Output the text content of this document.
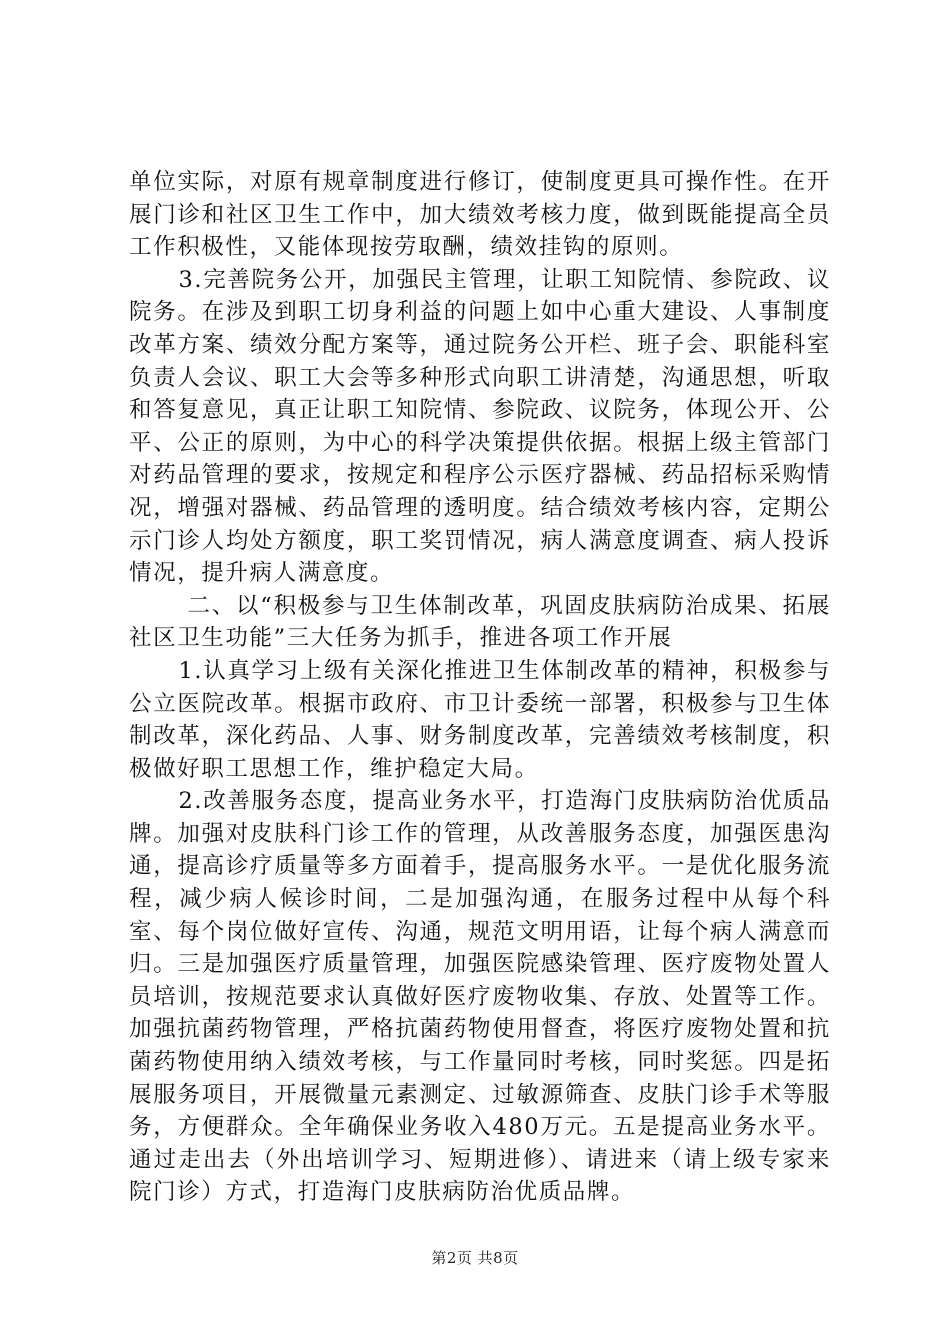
单位实际，对原有规章制度进行修订，使制度更具可操作性。在开展门诊和社区卫生工作中，加大绩效考核力度，做到既能提高全员工作积极性，又能体现按劳取酬，绩效挂钩的原则。

3.完善院务公开，加强民主管理，让职工知院情、参院政、议院务。在涉及到职工切身利益的问题上如中心重大建设、人事制度改革方案、绩效分配方案等，通过院务公开栏、班子会、职能科室负责人会议、职工大会等多种形式向职工讲清楚，沟通思想，听取和答复意见，真正让职工知院情、参院政、议院务，体现公开、公平、公正的原则，为中心的科学决策提供依据。根据上级主管部门对药品管理的要求，按规定和程序公示医疗器械、药品招标采购情况，增强对器械、药品管理的透明度。结合绩效考核内容，定期公示门诊人均处方额度，职工奖罚情况，病人满意度调查、病人投诉情况，提升病人满意度。

二、以“积极参与卫生体制改革，巩固皮肤病防治成果、拓展社区卫生功能”三大任务为抓手，推进各项工作开展

1.认真学习上级有关深化推进卫生体制改革的精神，积极参与公立医院改革。根据市政府、市卫计委统一部署，积极参与卫生体制改革，深化药品、人事、财务制度改革，完善绩效考核制度，积极做好职工思想工作，维护稳定大局。

2.改善服务态度，提高业务水平，打造海门皮肤病防治优质品牌。加强对皮肤科门诊工作的管理，从改善服务态度，加强医患沟通，提高诊疗质量等多方面着手，提高服务水平。一是优化服务流程，减少病人候诊时间，二是加强沟通，在服务过程中从每个科室、每个岗位做好宣传、沟通，规范文明用语，让每个病人满意而归。三是加强医疗质量管理，加强医院感染管理、医疗废物处置人员培训，按规范要求认真做好医疗废物收集、存放、处置等工作。加强抗菌药物管理，严格抗菌药物使用督查，将医疗废物处置和抗菌药物使用纳入绩效考核，与工作量同时考核，同时奖惩。四是拓展服务项目，开展微量元素测定、过敏源筛查、皮肤门诊手术等服务，方便群众。全年确保业务收入480万元。五是提高业务水平。通过走出去（外出培训学习、短期进修）、请进来（请上级专家来院门诊）方式，打造海门皮肤病防治优质品牌。

第2页 共8页
